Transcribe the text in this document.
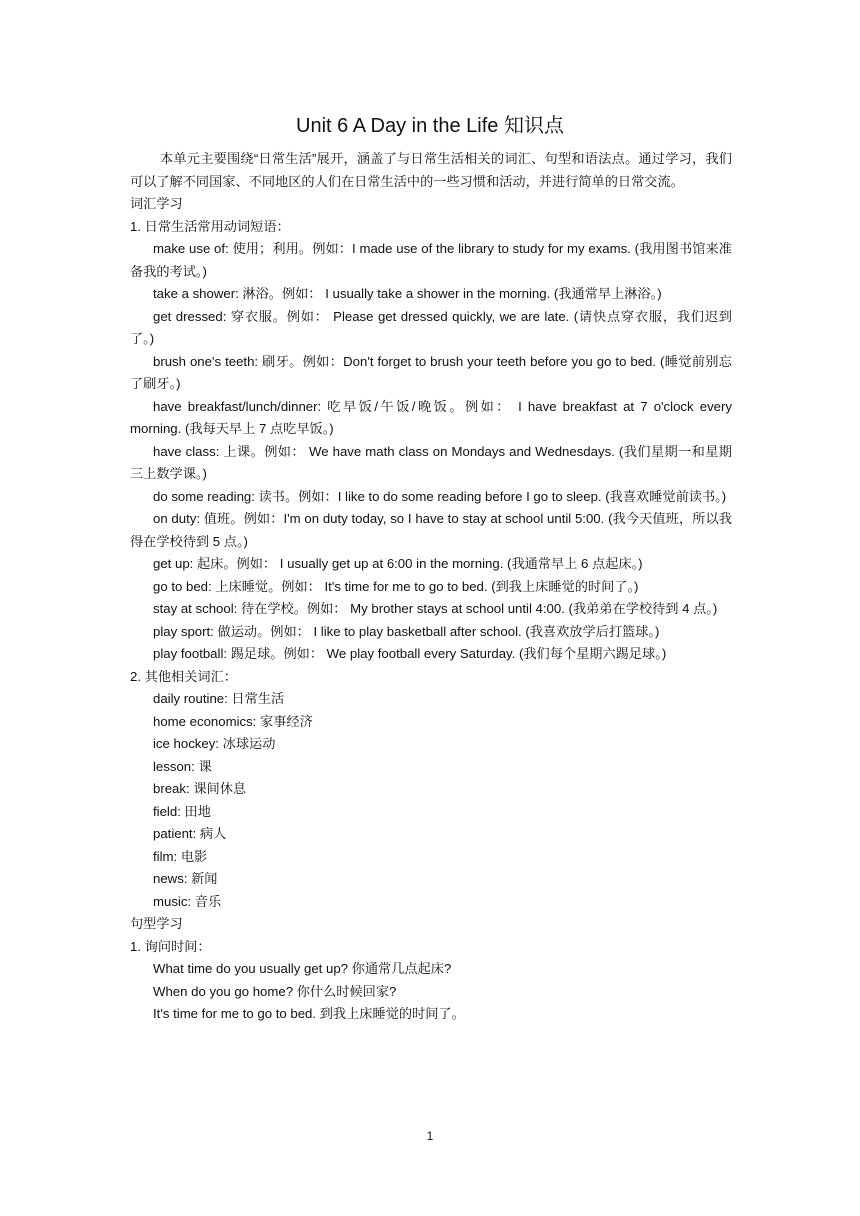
Unit 6 A Day in the Life 知识点

本单元主要围绕“日常生活”展开，涵盖了与日常生活相关的词汇、句型和语法点。通过学习，我们可以了解不同国家、不同地区的人们在日常生活中的一些习惯和活动，并进行简单的日常交流。

词汇学习

1. 日常生活常用动词短语：

make use of: 使用；利用。例如：I made use of the library to study for my exams. (我用图书馆来准备我的考试。)

take a shower: 淋浴。例如： I usually take a shower in the morning. (我通常早上淋浴。)

get dressed: 穿衣服。例如： Please get dressed quickly, we are late. (请快点穿衣服，我们迟到了。)

brush one's teeth: 刷牙。例如：Don't forget to brush your teeth before you go to bed. (睡觉前别忘了刷牙。)

have breakfast/lunch/dinner: 吃早饭/午饭/晚饭。例如： I have breakfast at 7 o'clock every morning. (我每天早上 7 点吃早饭。)

have class: 上课。例如： We have math class on Mondays and Wednesdays. (我们星期一和星期三上数学课。)

do some reading: 读书。例如：I like to do some reading before I go to sleep. (我喜欢睡觉前读书。)

on duty: 值班。例如：I'm on duty today, so I have to stay at school until 5:00. (我今天值班，所以我得在学校待到 5 点。)

get up: 起床。例如： I usually get up at 6:00 in the morning. (我通常早上 6 点起床。)

go to bed: 上床睡觉。例如： It's time for me to go to bed. (到我上床睡觉的时间了。)

stay at school: 待在学校。例如： My brother stays at school until 4:00. (我弟弟在学校待到 4 点。)

play sport: 做运动。例如： I like to play basketball after school. (我喜欢放学后打篮球。)

play football: 踢足球。例如： We play football every Saturday. (我们每个星期六踢足球。)

2. 其他相关词汇：

daily routine: 日常生活

home economics: 家事经济

ice hockey: 冰球运动

lesson: 课

break: 课间休息

field: 田地

patient: 病人

film: 电影

news: 新闻

music: 音乐

句型学习

1. 询问时间：

What time do you usually get up? 你通常几点起床?

When do you go home? 你什么时候回家?

It's time for me to go to bed. 到我上床睡觉的时间了。

1
